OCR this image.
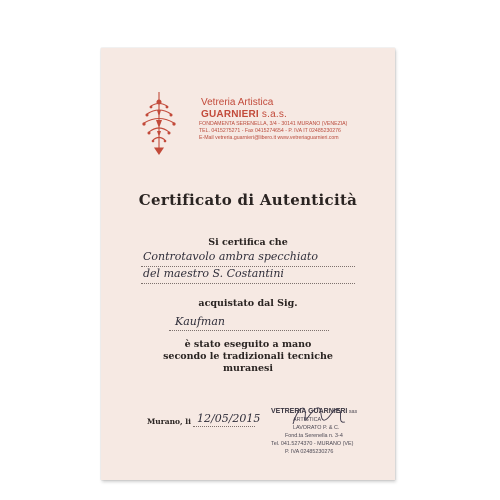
Vetreria Artistica
GUARNIERI s.a.s.
FONDAMENTA SERENELLA, 3/4 - 30141 MURANO (VENEZIA)
TEL. 0415275271 - Fax 0415274654 - P. IVA IT 02485230276
E-Mail vetreria.guarnieri@libero.it www.vetreriaguarnieri.com
Certificato di Autenticità
Si certifica che
Controtavolo ambra specchiato
del maestro S. Costantini
acquistato dal Sig.
Kaufman
è stato eseguito a mano
secondo le tradizionali tecniche
muranesi
Murano, li 12/05/2015
VETRERIA GUARNIERI sas
ARTISTICA
LAVORATO P. & C.
Fond.ta Serenella n. 3-4
Tel. 041.5274370 - MURANO (VE)
P. IVA 02485230276
